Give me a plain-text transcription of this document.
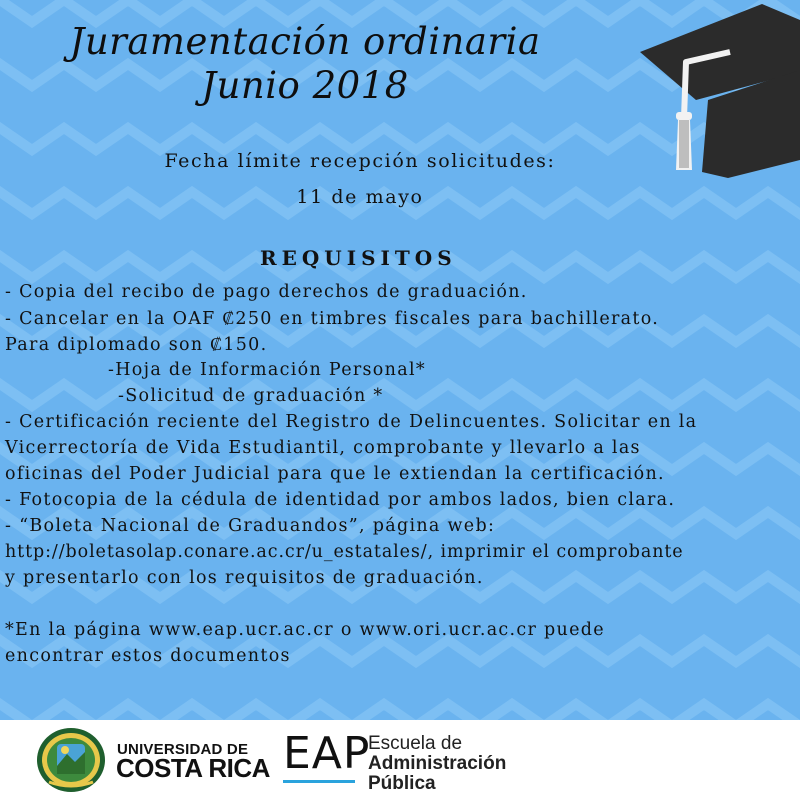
Juramentación ordinaria
Junio 2018
Fecha límite recepción solicitudes:
11 de mayo
REQUISITOS
- Copia del recibo de pago derechos de graduación.
- Cancelar en la OAF ₡250 en timbres fiscales para bachillerato.
Para diplomado son ₡150.
-Hoja de Información Personal*
-Solicitud de graduación *
- Certificación reciente del Registro de Delincuentes. Solicitar en la
Vicerrectoría de Vida Estudiantil, comprobante y llevarlo a las
oficinas del Poder Judicial para que le extiendan la certificación.
- Fotocopia de la cédula de identidad por ambos lados, bien clara.
- “Boleta Nacional de Graduandos”, página web:
http://boletasolap.conare.ac.cr/u_estatales/, imprimir el comprobante
y presentarlo con los requisitos de graduación.
*En la página www.eap.ucr.ac.cr o www.ori.ucr.ac.cr puede
encontrar estos documentos
UNIVERSIDAD DE
COSTA RICA EAP
Escuela de
Administración
Pública
